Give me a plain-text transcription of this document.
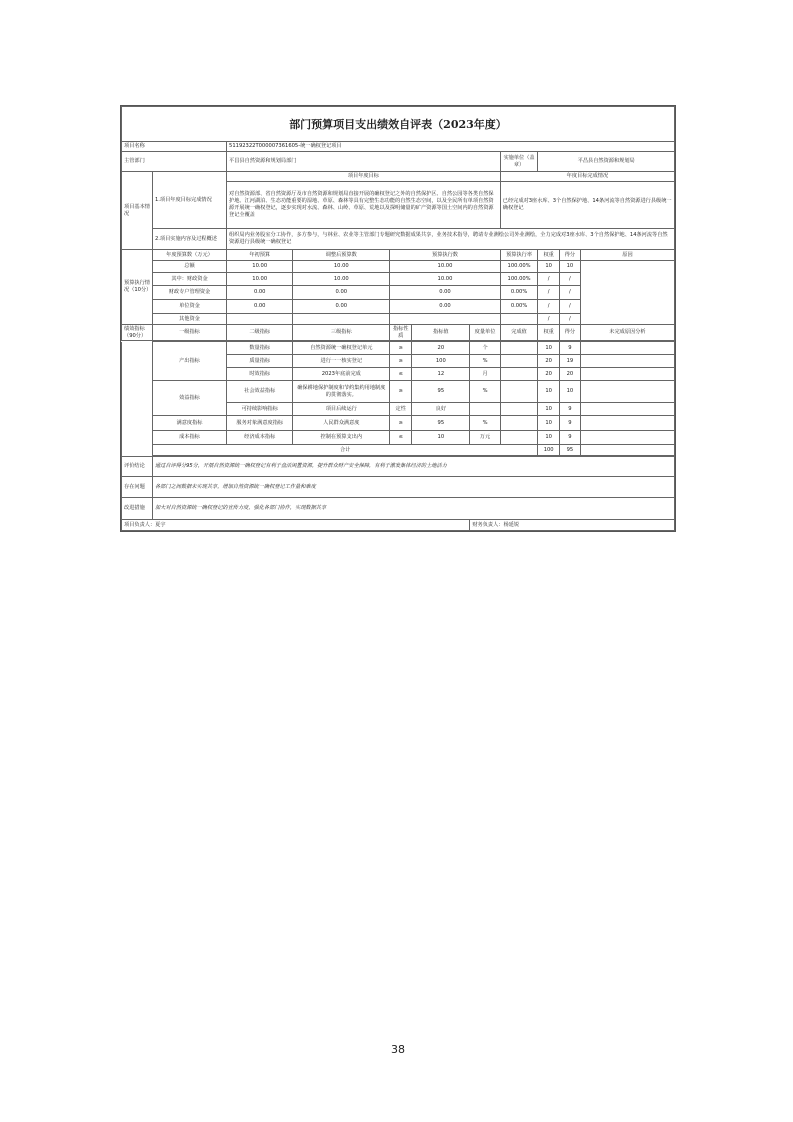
部门预算项目支出绩效自评表（2023年度）										
项目名称		51192322T000007361605-统一确权登记项目								
主管部门		平昌县自然资源和规划局部门					实施单位（盖章）	平昌县自然资源和规划局		
项目基本情况	1.项目年度目标完成情况	项目年度目标					年度目标完成情况			
		对自然资源部、省自然资源厅及市自然资源和规划局直接开展的确权登记之外的自然保护区、自然公园等各类自然保护地、江河湖泊、生态功能重要的湿地、草原、森林等具有完整生态功能的自然生态空间，以及全民所有单项自然资源开展统一确权登记，逐步实现对水流、森林、山岭、草原、荒地以及探明储量的矿产资源等国土空间内的自然资源登记全覆盖					已经完成对3座水库、3个自然保护地、14条河流等自然资源进行县级统一确权登记			
	2.项目实施内容及过程概述	组织局内业务股室分工协作，多方参与，与林业、农业等主管部门专题研究数据成果共享，业务技术指导，聘请专业测绘公司外业测绘，全力完成对3座水库、3个自然保护地、14条河流等自然资源进行县级统一确权登记								
预算执行情况（10分）	年度预算数（万元）	年初预算	调整后预算数	预算执行数			预算执行率	权重	得分	原因
	总额	10.00	10.00	10.00			100.00%	10	10	
	其中：财政资金	10.00	10.00	10.00			100.00%	/	/	
	财政专户管理资金	0.00	0.00	0.00			0.00%	/	/	
	单位资金	0.00	0.00	0.00			0.00%	/	/	
	其他资金							/	/	
绩效指标（90分）	一级指标	二级指标	三级指标	指标性质	指标值	度量单位	完成值	权重	得分	未完成原因分析
	产出指标	数量指标	自然资源统一确权登记单元	≥	20	个		10	9	
		质量指标	进行一一核实登记	≥	100	%		20	19	
		时效指标	2023年底前完成	≤	12	月		20	20	
	效益指标	社会效益指标	确保耕地保护制度和节约集约用地制度的贯彻落实。	≥	95	%		10	10	
		可持续影响指标	项目后续运行	定性	良好			10	9	
	满意度指标	服务对象满意度指标	人民群众满意度	≥	95	%		10	9	
	成本指标	经济成本指标	控制在预算支出内	≤	10	万元		10	9	
	合计							100	95	
评价结论	通过自评得分95分，开展自然资源统一确权登记有利于盘活闲置资源，提升群众财产安全保障，有利于激发集体经济的土地活力	
存在问题	各部门之间数据未实现共享，增加自然资源统一确权登记工作量和难度	
改进措施	加大对自然资源统一确权登记的宣传力度，强化各部门协作，实现数据共享	
项目负责人：夏宇		财务负责人：杨延锐
38
